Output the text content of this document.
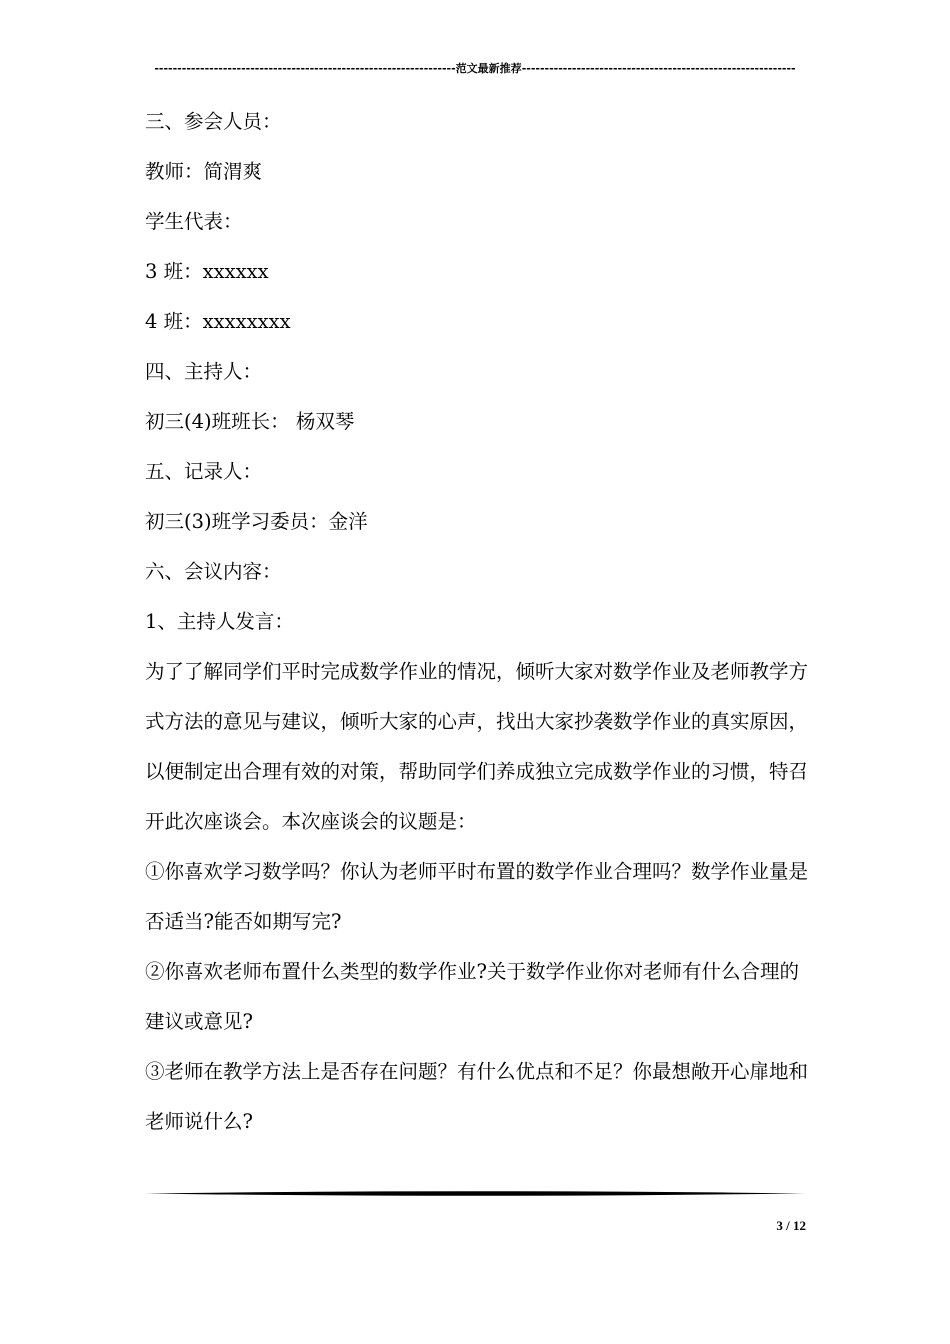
------------------------------------------------------------------范文最新推荐------------------------------------------------------------

三、参会人员：

教师：简渭爽

学生代表：

3 班：xxxxxx

4 班：xxxxxxxx

四、主持人：

初三(4)班班长： 杨双琴

五、记录人：

初三(3)班学习委员：金洋

六、会议内容：

1、主持人发言：

为了了解同学们平时完成数学作业的情况，倾听大家对数学作业及老师教学方式方法的意见与建议，倾听大家的心声，找出大家抄袭数学作业的真实原因，以便制定出合理有效的对策，帮助同学们养成独立完成数学作业的习惯，特召开此次座谈会。本次座谈会的议题是：

①你喜欢学习数学吗？你认为老师平时布置的数学作业合理吗？数学作业量是否适当?能否如期写完?

②你喜欢老师布置什么类型的数学作业?关于数学作业你对老师有什么合理的建议或意见?

③老师在教学方法上是否存在问题？有什么优点和不足？你最想敞开心扉地和老师说什么?

3 / 12
